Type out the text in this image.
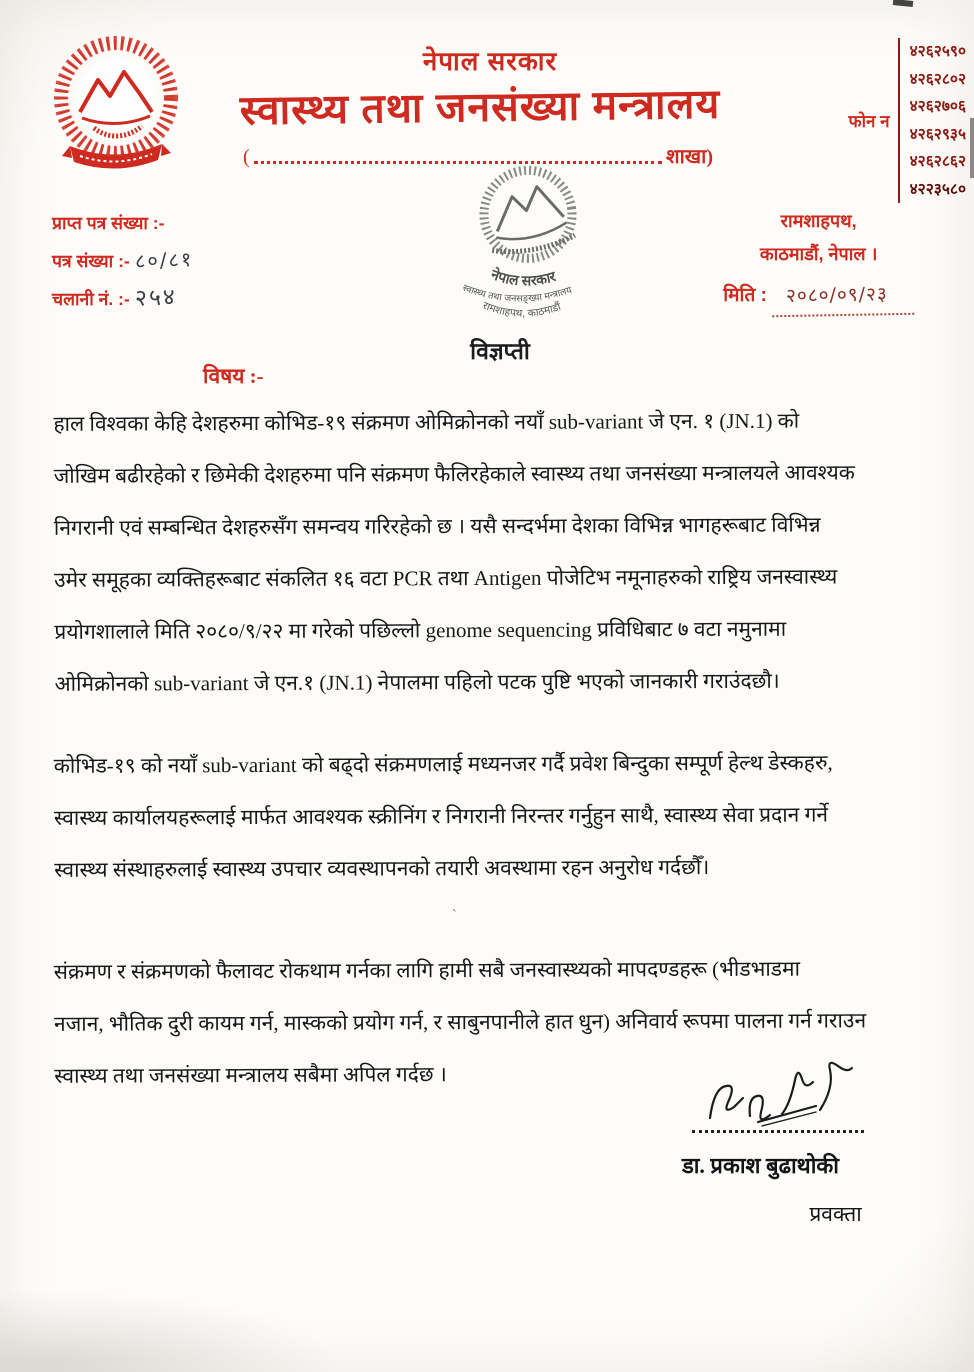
नेपाल सरकार
स्वास्थ्य तथा जनसंख्या मन्त्रालय
(	शाखा)
फोन न
४२६२५९०
४२६२८०२
४२६२७०६
४२६२९३५
४२६२८६२
४२२३५८०
नेपाल सरकार
स्वास्थ्य तथा जनसङ्ख्या मन्त्रालय
रामशाहपथ, काठमाडौं
प्राप्त पत्र संख्या :-
पत्र संख्या :- ८०/८१
चलानी नं. :- २५४
रामशाहपथ,
काठमाडौं, नेपाल ।
मिति : २०८०/०९/२३
विज्ञप्ती
विषय :-
हाल विश्वका केहि देशहरुमा कोभिड-१९ संक्रमण ओमिक्रोनको नयाँ sub-variant जे एन. १ (JN.1) को
जोखिम बढीरहेको र छिमेकी देशहरुमा पनि संक्रमण फैलिरहेकाले स्वास्थ्य तथा जनसंख्या मन्त्रालयले आवश्यक
निगरानी एवं सम्बन्धित देशहरुसँग समन्वय गरिरहेको छ । यसै सन्दर्भमा देशका विभिन्न भागहरूबाट विभिन्न
उमेर समूहका व्यक्तिहरूबाट संकलित १६ वटा PCR तथा Antigen पोजेटिभ नमूनाहरुको राष्ट्रिय जनस्वास्थ्य
प्रयोगशालाले मिति २०८०/९/२२ मा गरेको पछिल्लो genome sequencing प्रविधिबाट ७ वटा नमुनामा
ओमिक्रोनको sub-variant जे एन.१ (JN.1) नेपालमा पहिलो पटक पुष्टि भएको जानकारी गराउंदछौ।
कोभिड-१९ को नयाँ sub-variant को बढ्दो संक्रमणलाई मध्यनजर गर्दै प्रवेश बिन्दुका सम्पूर्ण हेल्थ डेस्कहरु,
स्वास्थ्य कार्यालयहरूलाई मार्फत आवश्यक स्क्रीनिंग र निगरानी निरन्तर गर्नुहुन साथै, स्वास्थ्य सेवा प्रदान गर्ने
स्वास्थ्य संस्थाहरुलाई स्वास्थ्य उपचार व्यवस्थापनको तयारी अवस्थामा रहन अनुरोध गर्दछौँ।
`
संक्रमण र संक्रमणको फैलावट रोकथाम गर्नका लागि हामी सबै जनस्वास्थ्यको मापदण्डहरू (भीडभाडमा
नजान, भौतिक दुरी कायम गर्न, मास्कको प्रयोग गर्न, र साबुनपानीले हात धुन) अनिवार्य रूपमा पालना गर्न गराउन
स्वास्थ्य तथा जनसंख्या मन्त्रालय सबैमा अपिल गर्दछ ।
डा. प्रकाश बुढाथोकी
प्रवक्ता
